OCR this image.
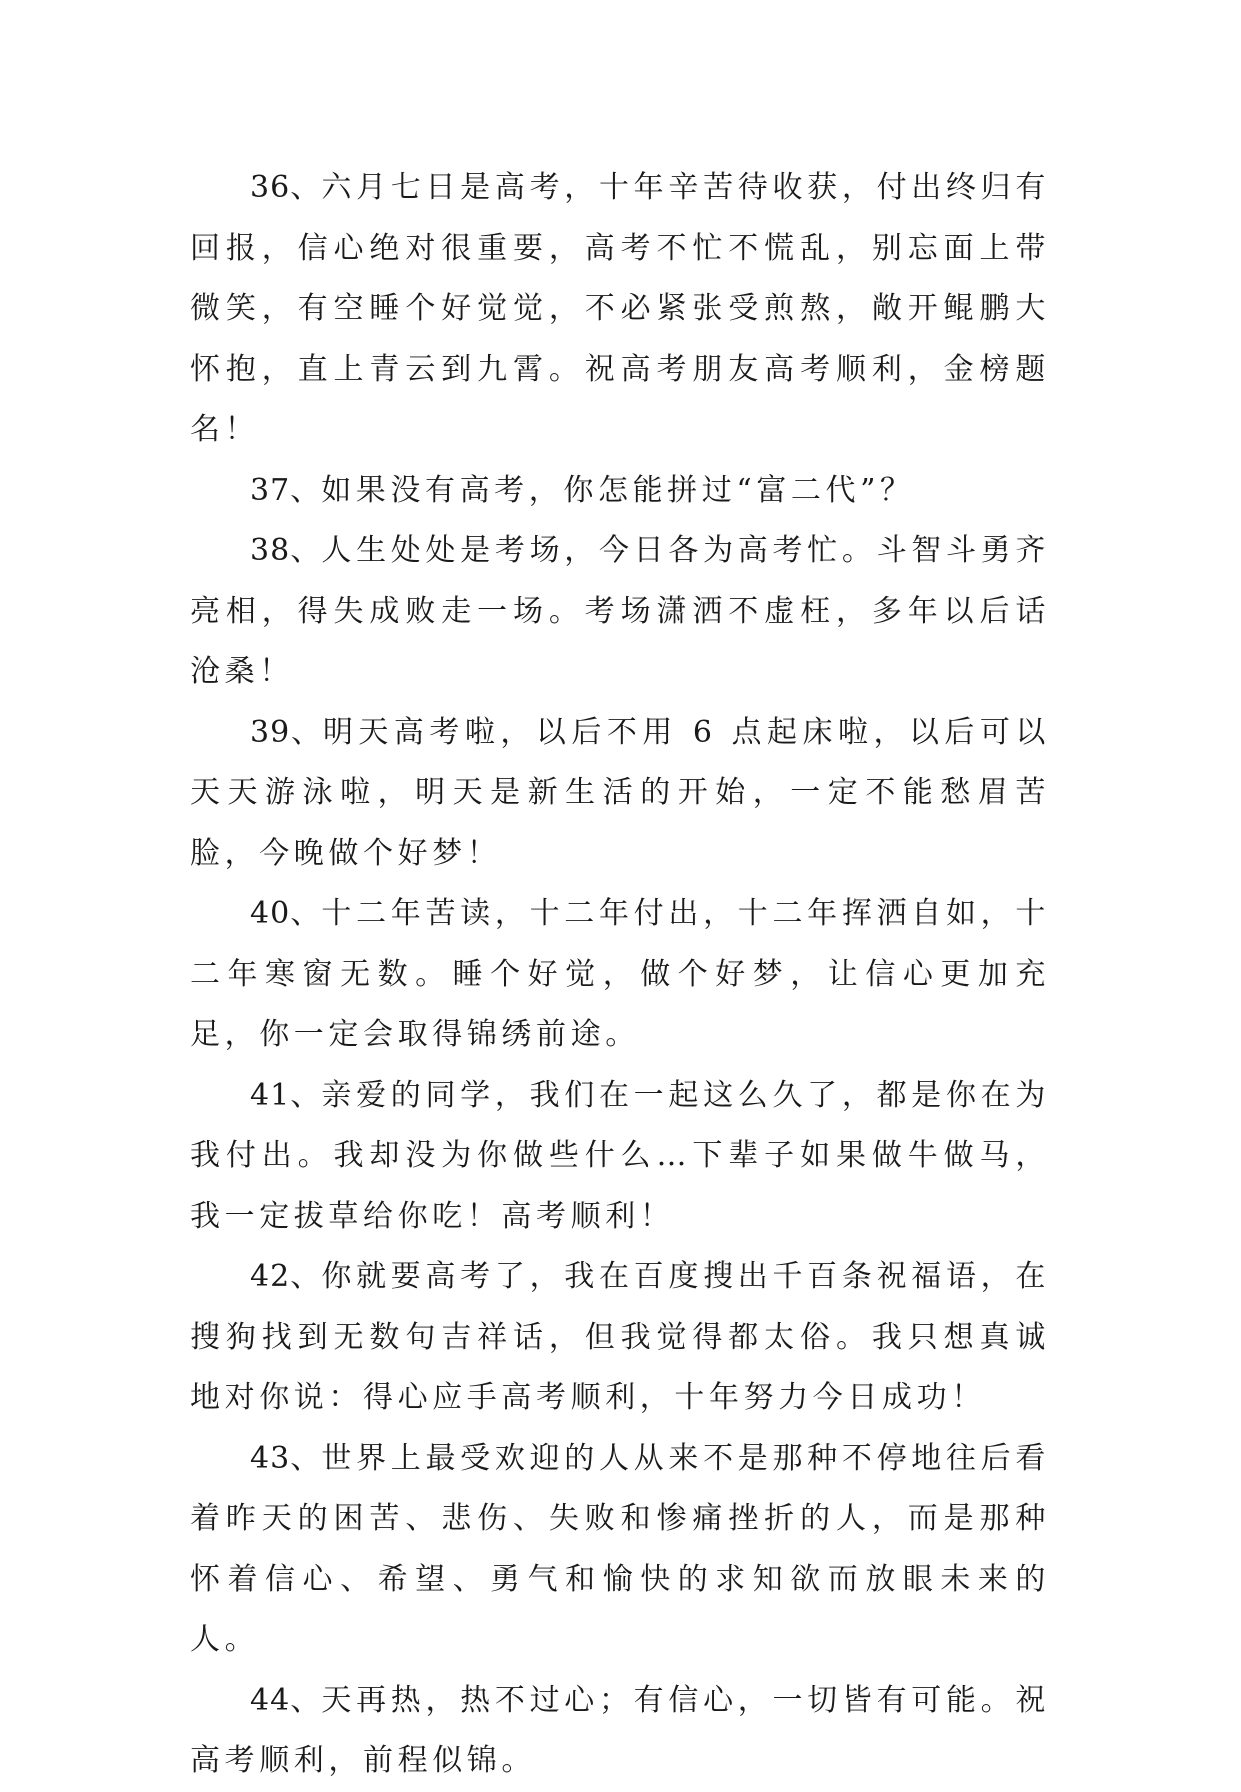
36、六月七日是高考，十年辛苦待收获，付出终归有回报，信心绝对很重要，高考不忙不慌乱，别忘面上带微笑，有空睡个好觉觉，不必紧张受煎熬，敞开鲲鹏大怀抱，直上青云到九霄。祝高考朋友高考顺利，金榜题名！

37、如果没有高考，你怎能拼过“富二代”？

38、人生处处是考场，今日各为高考忙。斗智斗勇齐亮相，得失成败走一场。考场潇洒不虚枉，多年以后话沧桑！

39、明天高考啦，以后不用 6 点起床啦，以后可以天天游泳啦，明天是新生活的开始，一定不能愁眉苦脸，今晚做个好梦！

40、十二年苦读，十二年付出，十二年挥洒自如，十二年寒窗无数。睡个好觉，做个好梦，让信心更加充足，你一定会取得锦绣前途。

41、亲爱的同学，我们在一起这么久了，都是你在为我付出。我却没为你做些什么…下辈子如果做牛做马，我一定拔草给你吃！高考顺利！

42、你就要高考了，我在百度搜出千百条祝福语，在搜狗找到无数句吉祥话，但我觉得都太俗。我只想真诚地对你说：得心应手高考顺利，十年努力今日成功！

43、世界上最受欢迎的人从来不是那种不停地往后看着昨天的困苦、悲伤、失败和惨痛挫折的人，而是那种怀着信心、希望、勇气和愉快的求知欲而放眼未来的人。

44、天再热，热不过心；有信心，一切皆有可能。祝高考顺利，前程似锦。
